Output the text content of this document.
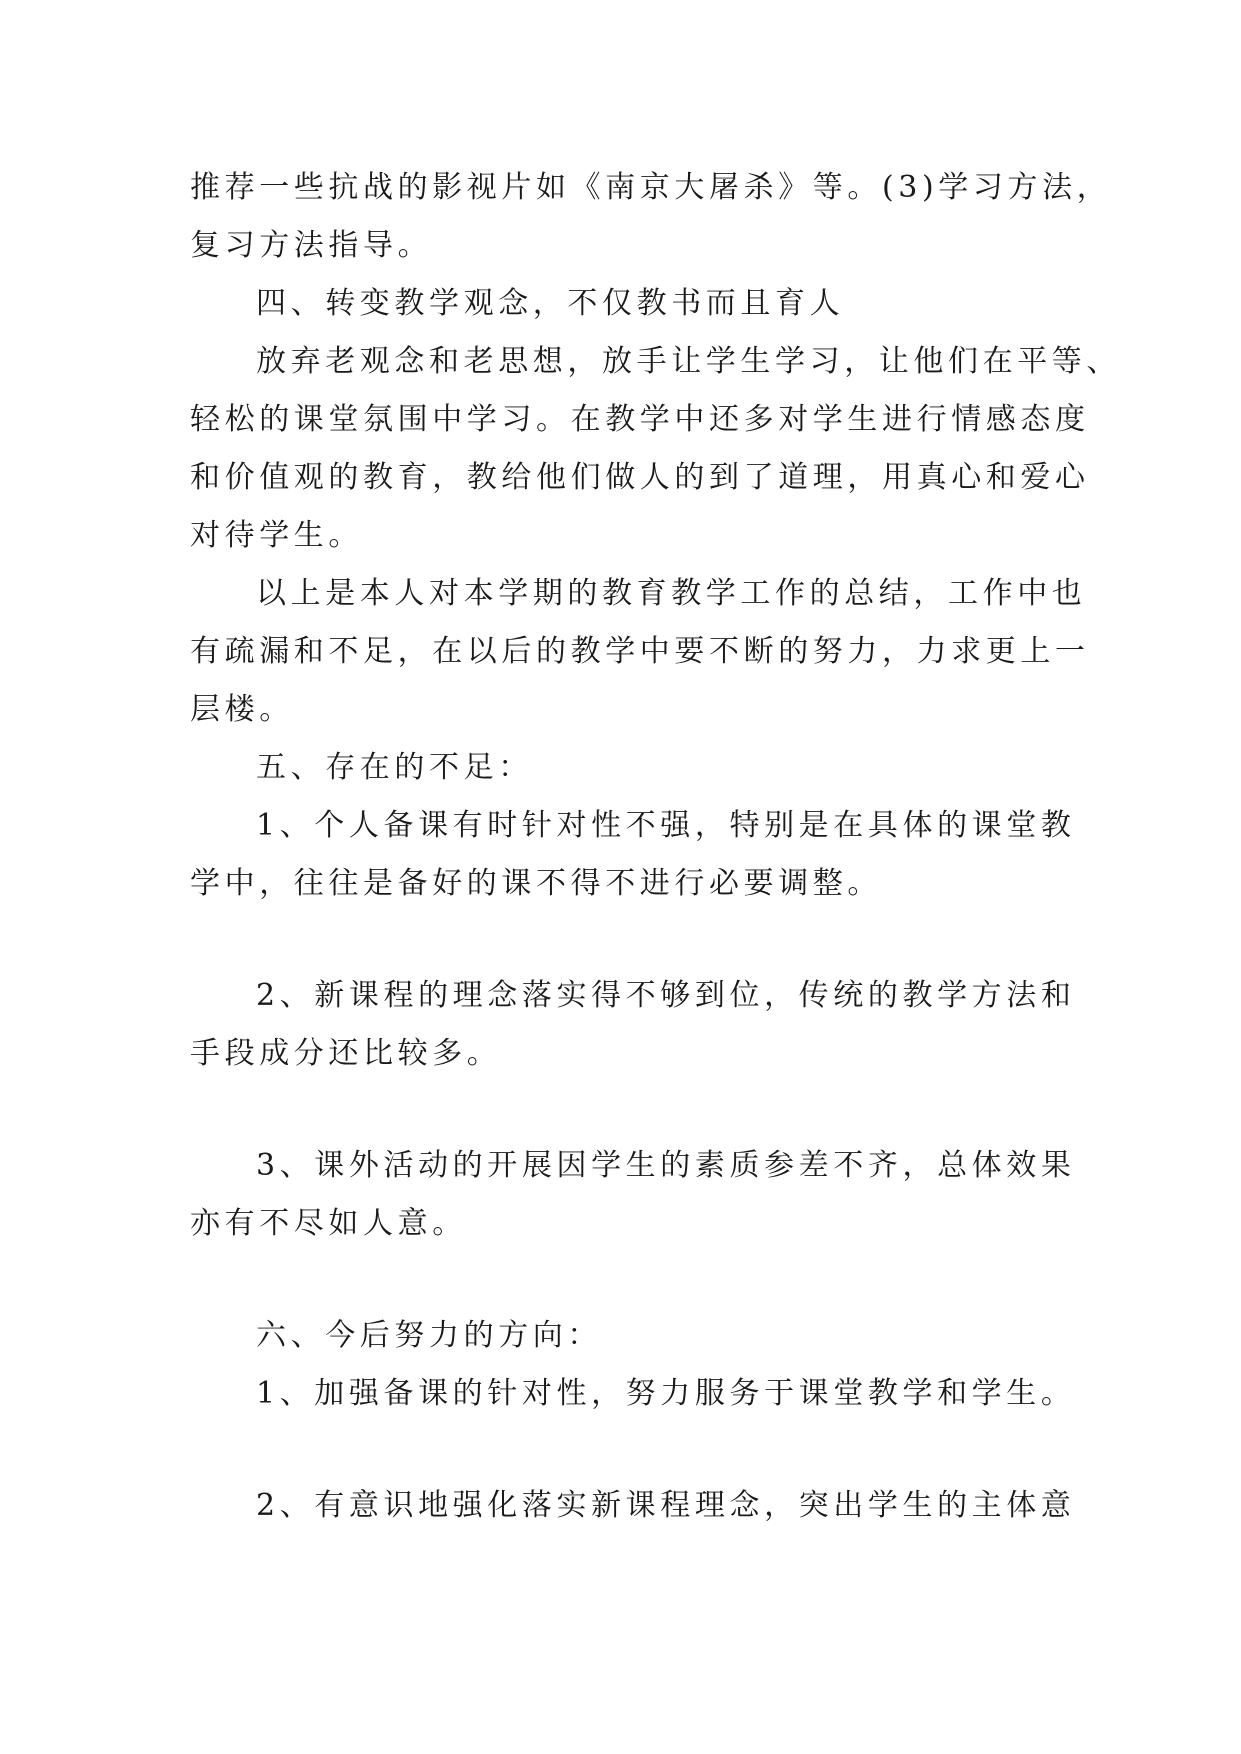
推荐一些抗战的影视片如《南京大屠杀》等。(3)学习方法，
复习方法指导。
四、转变教学观念，不仅教书而且育人
放弃老观念和老思想，放手让学生学习，让他们在平等、
轻松的课堂氛围中学习。在教学中还多对学生进行情感态度
和价值观的教育，教给他们做人的到了道理，用真心和爱心
对待学生。
以上是本人对本学期的教育教学工作的总结，工作中也
有疏漏和不足，在以后的教学中要不断的努力，力求更上一
层楼。
五、存在的不足：
1、个人备课有时针对性不强，特别是在具体的课堂教
学中，往往是备好的课不得不进行必要调整。
2、新课程的理念落实得不够到位，传统的教学方法和
手段成分还比较多。
3、课外活动的开展因学生的素质参差不齐，总体效果
亦有不尽如人意。
六、今后努力的方向：
1、加强备课的针对性，努力服务于课堂教学和学生。
2、有意识地强化落实新课程理念，突出学生的主体意
